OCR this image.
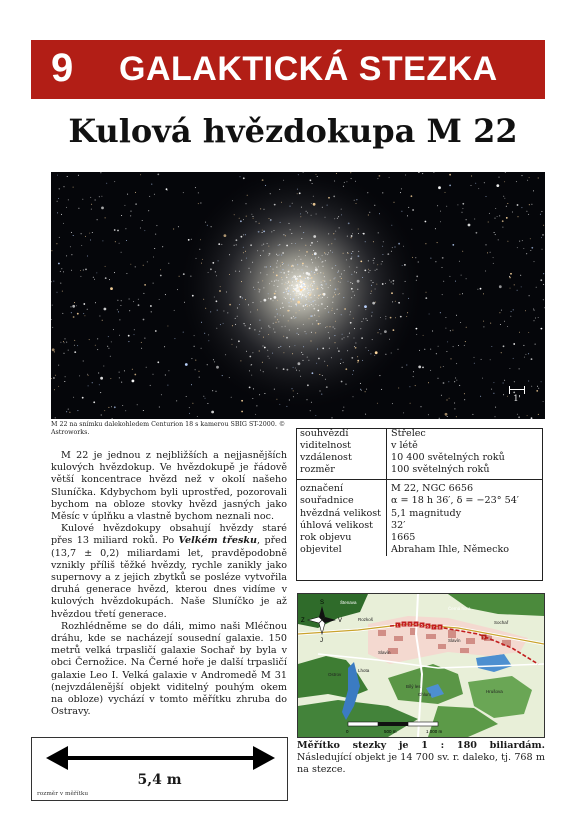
9 GALAKTICKÁ STEZKA
Kulová hvězdokupa M 22
1'
M 22 na snímku dalekohledem Centurion 18 s kamerou SBIG ST-2000. © Astroworks.

M 22 je jednou z nejbližších a nejjasnějších kulových hvězdokup. Ve hvězdokupě je řádově větší koncentrace hvězd než v okolí našeho Sluníčka. Kdybychom byli uprostřed, pozorovali bychom na obloze stovky hvězd jasných jako Měsíc v úplňku a vlastně bychom neznali noc.

Kulové hvězdokupy obsahují hvězdy staré přes 13 miliard roků. Po Velkém třesku, před (13,7 ± 0,2) miliardami let, pravděpodobně vznikly příliš těžké hvězdy, rychle zanikly jako supernovy a z jejich zbytků se posléze vytvořila druhá generace hvězd, kterou dnes vidíme v kulových hvězdokupách. Naše Sluníčko je až hvězdou třetí generace.

Rozhlédněme se do dáli, mimo naši Mléčnou dráhu, kde se nacházejí sousední galaxie. 150 metrů velká trpasličí galaxie Sochař by byla v obci Černožice. Na Černé hoře je další trpasličí galaxie Leo I. Velká galaxie v Andromedě M 31 (nejvzdálenější objekt viditelný pouhým okem na obloze) vychází v tomto měřítku zhruba do Ostravy.

souhvězdí	Střelec
viditelnost	v létě
vzdálenost	10 400 světelných roků
rozměr	100 světelných roků
označení	M 22, NGC 6656
souřadnice	α = 18 h 36′, δ = −23° 54′
hvězdná velikost	5,1 magnitudy
úhlová velikost	32′
rok objevu	1665
objevitel	Abraham Ihle, Německo
1 2 3 4 5 6 7 8
9
S
J
Z	V
Štenava
Rozkoš
Slavín
Ostrov
Černá hora
Sochař
Slavín
Lhota
Bílý les
Chlum
Hrušova
0	500 m	1 000 m
Měřítko stezky je 1 : 180 biliardám. Následující objekt je 14 700 sv. r. daleko, tj. 768 m na stezce.
5,4 m
rozměr v měřítku
